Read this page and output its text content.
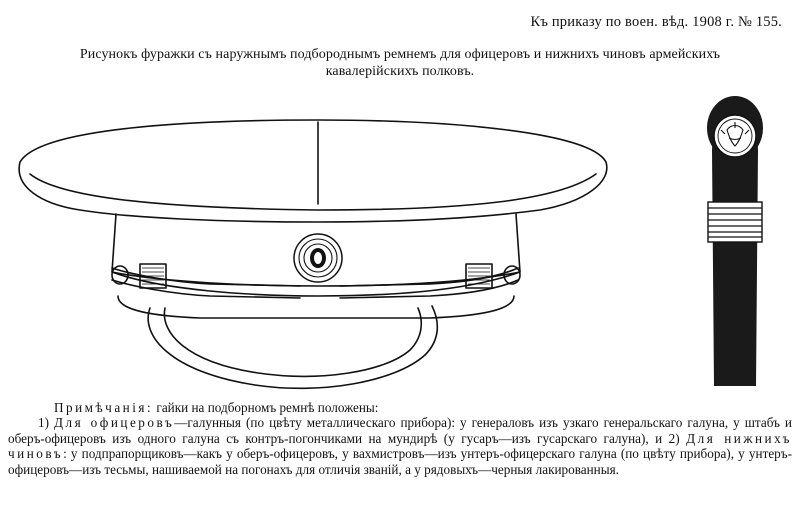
Къ приказу по воен. вѣд. 1908 г. № 155.
Рисунокъ фуражки съ наружнымъ подбороднымъ ремнемъ для офицеровъ и нижнихъ чиновъ армейскихъ
кавалерійскихъ полковъ.
Примѣчанія: гайки на подборномъ ремнѣ положены:

1) Для офицеровъ—галунныя (по цвѣту металлическаго прибора): у генераловъ изъ узкаго генеральскаго галуна, у штабъ и оберъ-офицеровъ изъ одного галуна съ контръ-погончиками на мундирѣ (у гусаръ—изъ гусарскаго галуна), и 2) Для нижнихъ чиновъ: у подпрапорщиковъ—какъ у оберъ-офицеровъ, у вахмистровъ—изъ унтеръ-офицерскаго галуна (по цвѣту прибора), у унтеръ-офицеровъ—изъ тесьмы, нашиваемой на погонахъ для отличія званій, а у рядовыхъ—черныя лакированныя.
